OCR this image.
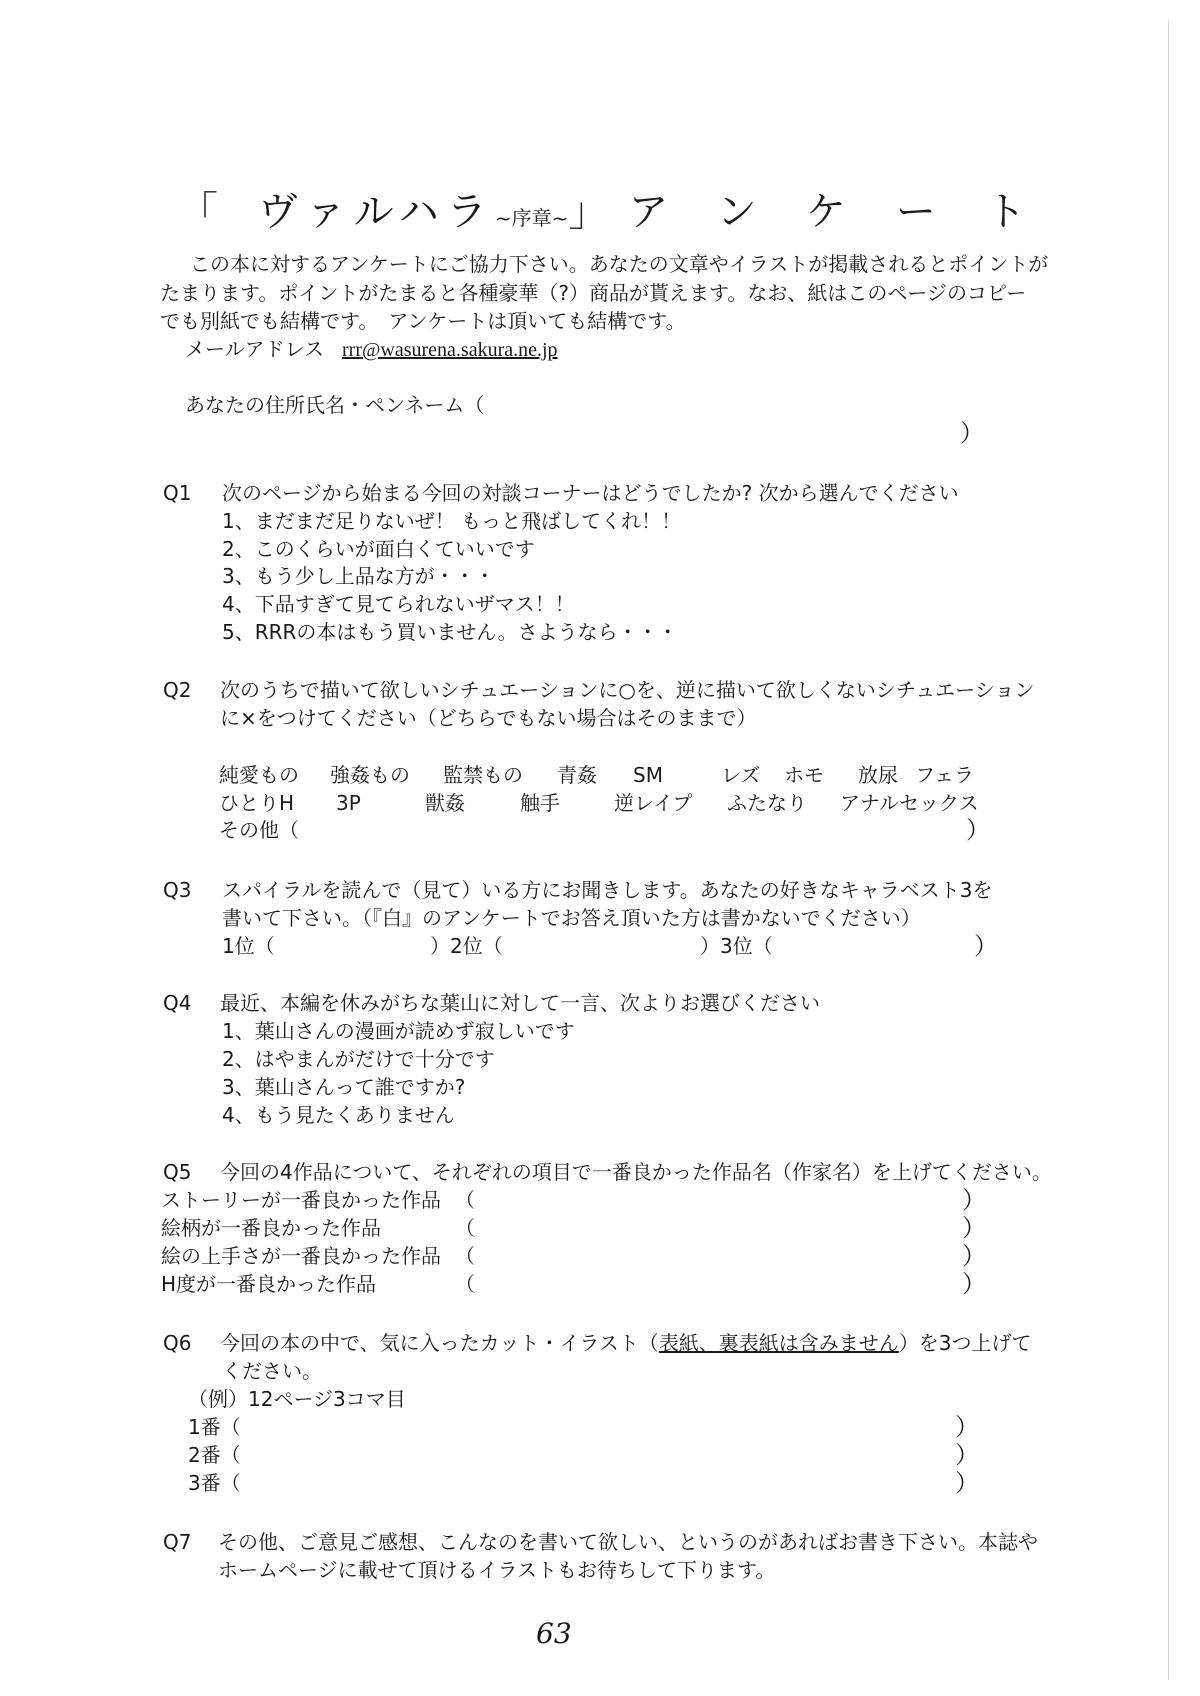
「 ヴァルハラ~序章~」 アンケート
この本に対するアンケートにご協力下さい。あなたの文章やイラストが掲載されるとポイントが
たまります。ポイントがたまると各種豪華（?）商品が貰えます。なお、紙はこのページのコピー
でも別紙でも結構です。　アンケートは頂いても結構です。
メールアドレス rrr@wasurena.sakura.ne.jp
あなたの住所氏名・ペンネーム（
）
Q1 次のページから始まる今回の対談コーナーはどうでしたか? 次から選んでください
1、まだまだ足りないぜ！ もっと飛ばしてくれ！！
2、このくらいが面白くていいです
3、もう少し上品な方が・・・
4、下品すぎて見てられないザマス！！
5、RRRの本はもう買いません。さようなら・・・
Q2 次のうちで描いて欲しいシチュエーションに○を、逆に描いて欲しくないシチュエーション
に×をつけてください（どちらでもない場合はそのままで）
純愛もの 強姦もの 監禁もの 青姦 SM	レズ ホモ 放尿 フェラ
ひとりH 3P	獣姦	触手	逆レイプ ふたなり アナルセックス
その他（	）
Q3 スパイラルを読んで（見て）いる方にお聞きします。あなたの好きなキャラベスト3を
書いて下さい。（『白』のアンケートでお答え頂いた方は書かないでください）
1位（	）2位（	）3位（	）
Q4 最近、本編を休みがちな葉山に対して一言、次よりお選びください
1、葉山さんの漫画が読めず寂しいです
2、はやまんがだけで十分です
3、葉山さんって誰ですか?
4、もう見たくありません
Q5 今回の4作品について、それぞれの項目で一番良かった作品名（作家名）を上げてください。
ストーリーが一番良かった作品 （	）
絵柄が一番良かった作品	（	）
絵の上手さが一番良かった作品 （	）
H度が一番良かった作品	（	）
Q6 今回の本の中で、気に入ったカット・イラスト（表紙、裏表紙は含みません）を3つ上げて
ください。
（例）12ページ3コマ目
1番（	）
2番（	）
3番（	）
Q7 その他、ご意見ご感想、こんなのを書いて欲しい、というのがあればお書き下さい。本誌や
ホームページに載せて頂けるイラストもお待ちして下ります。
63
